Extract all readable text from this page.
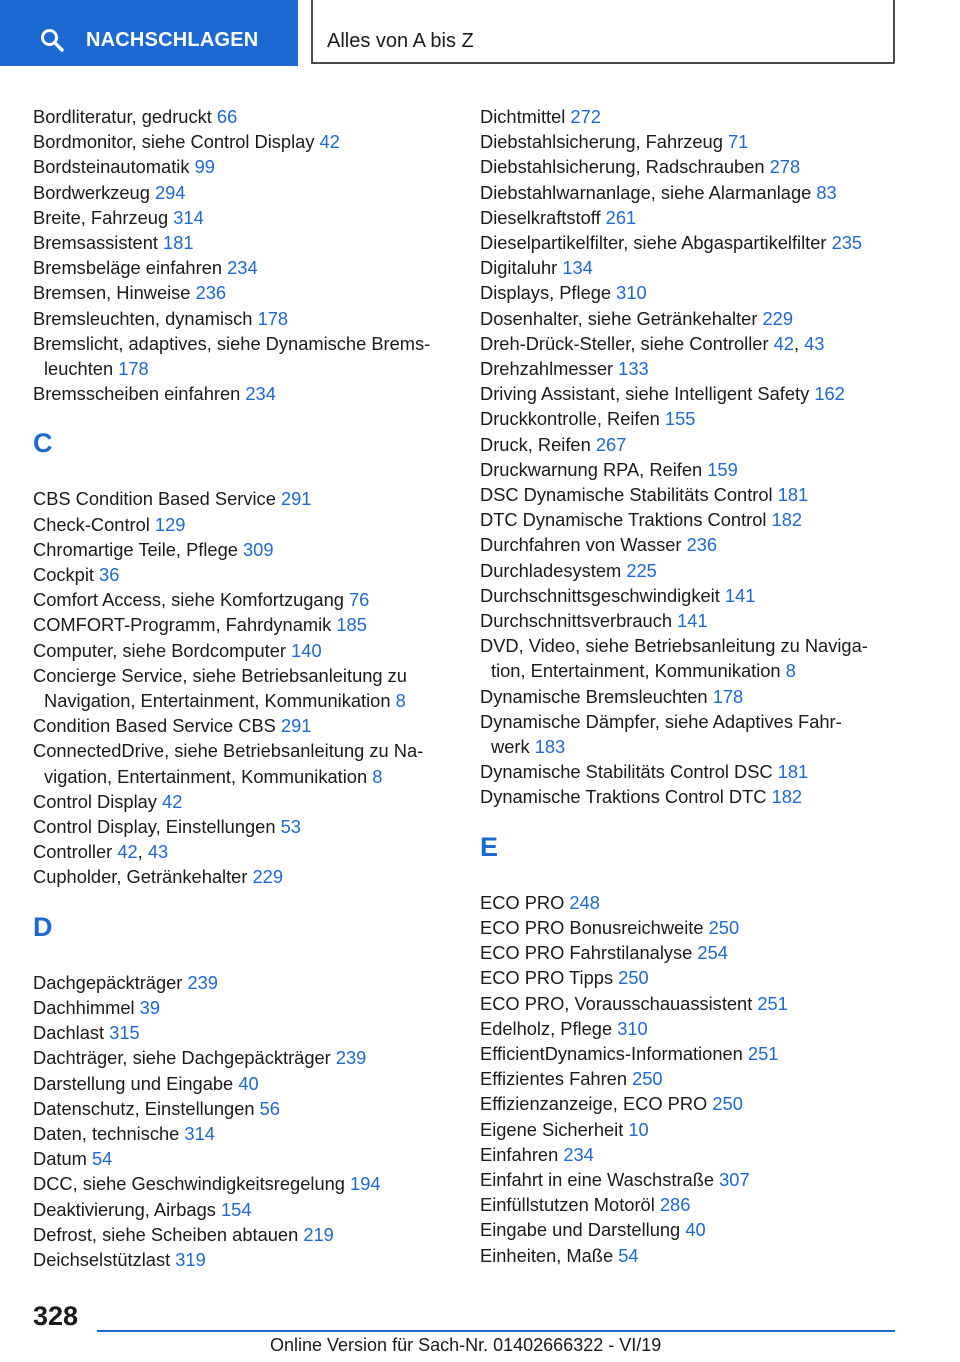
NACHSCHLAGEN	Alles von A bis Z
Bordliteratur, gedruckt 66
Bordmonitor, siehe Control Display 42
Bordsteinautomatik 99
Bordwerkzeug 294
Breite, Fahrzeug 314
Bremsassistent 181
Bremsbeläge einfahren 234
Bremsen, Hinweise 236
Bremsleuchten, dynamisch 178
Bremslicht, adaptives, siehe Dynamische Brems-
leuchten 178
Bremsscheiben einfahren 234
C
CBS Condition Based Service 291
Check-Control 129
Chromartige Teile, Pflege 309
Cockpit 36
Comfort Access, siehe Komfortzugang 76
COMFORT-Programm, Fahrdynamik 185
Computer, siehe Bordcomputer 140
Concierge Service, siehe Betriebsanleitung zu
Navigation, Entertainment, Kommunikation 8
Condition Based Service CBS 291
ConnectedDrive, siehe Betriebsanleitung zu Na-
vigation, Entertainment, Kommunikation 8
Control Display 42
Control Display, Einstellungen 53
Controller 42, 43
Cupholder, Getränkehalter 229
D
Dachgepäckträger 239
Dachhimmel 39
Dachlast 315
Dachträger, siehe Dachgepäckträger 239
Darstellung und Eingabe 40
Datenschutz, Einstellungen 56
Daten, technische 314
Datum 54
DCC, siehe Geschwindigkeitsregelung 194
Deaktivierung, Airbags 154
Defrost, siehe Scheiben abtauen 219
Deichselstützlast 319
Dichtmittel 272
Diebstahlsicherung, Fahrzeug 71
Diebstahlsicherung, Radschrauben 278
Diebstahlwarnanlage, siehe Alarmanlage 83
Dieselkraftstoff 261
Dieselpartikelfilter, siehe Abgaspartikelfilter 235
Digitaluhr 134
Displays, Pflege 310
Dosenhalter, siehe Getränkehalter 229
Dreh-Drück-Steller, siehe Controller 42, 43
Drehzahlmesser 133
Driving Assistant, siehe Intelligent Safety 162
Druckkontrolle, Reifen 155
Druck, Reifen 267
Druckwarnung RPA, Reifen 159
DSC Dynamische Stabilitäts Control 181
DTC Dynamische Traktions Control 182
Durchfahren von Wasser 236
Durchladesystem 225
Durchschnittsgeschwindigkeit 141
Durchschnittsverbrauch 141
DVD, Video, siehe Betriebsanleitung zu Naviga-
tion, Entertainment, Kommunikation 8
Dynamische Bremsleuchten 178
Dynamische Dämpfer, siehe Adaptives Fahr-
werk 183
Dynamische Stabilitäts Control DSC 181
Dynamische Traktions Control DTC 182
E
ECO PRO 248
ECO PRO Bonusreichweite 250
ECO PRO Fahrstilanalyse 254
ECO PRO Tipps 250
ECO PRO, Vorausschauassistent 251
Edelholz, Pflege 310
EfficientDynamics-Informationen 251
Effizientes Fahren 250
Effizienzanzeige, ECO PRO 250
Eigene Sicherheit 10
Einfahren 234
Einfahrt in eine Waschstraße 307
Einfüllstutzen Motoröl 286
Eingabe und Darstellung 40
Einheiten, Maße 54
328
Online Version für Sach-Nr. 01402666322 - VI/19
